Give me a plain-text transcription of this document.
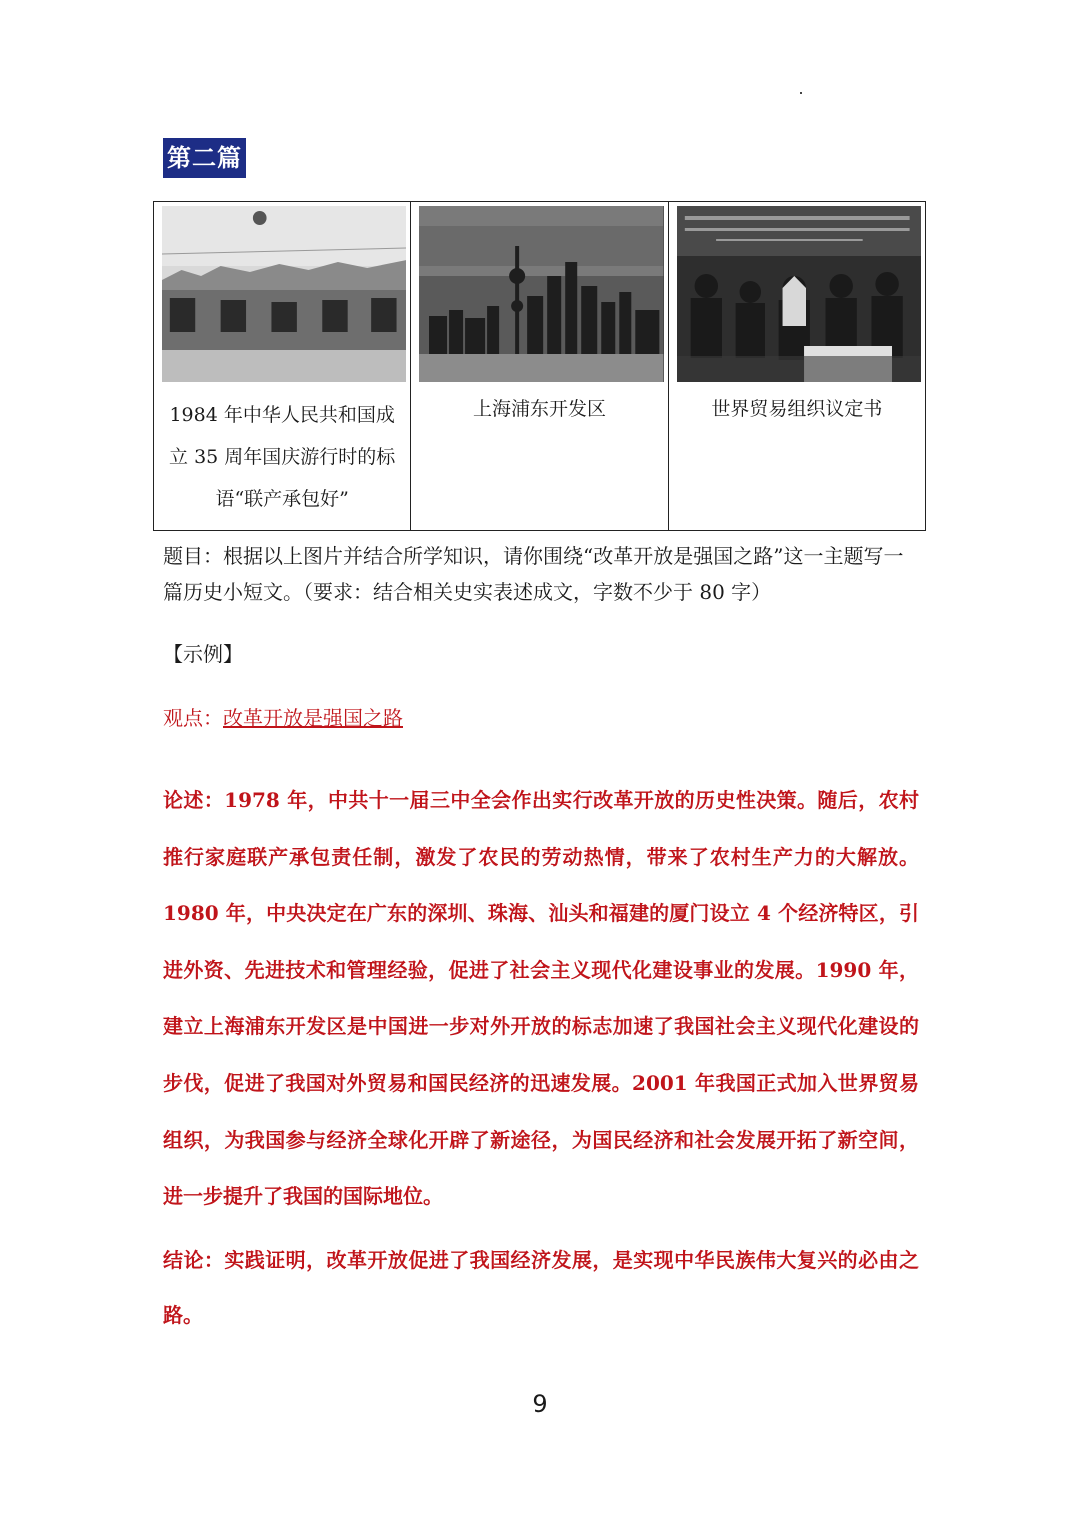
第二篇
1984 年中华人民共和国成立 35 周年国庆游行时的标语“联产承包好”
上海浦东开发区	世界贸易组织议定书
题目：根据以上图片并结合所学知识，请你围绕“改革开放是强国之路”这一主题写一篇历史小短文。（要求：结合相关史实表述成文，字数不少于 80 字）
【示例】
观点：改革开放是强国之路
论述：1978 年，中共十一届三中全会作出实行改革开放的历史性决策。随后，农村推行家庭联产承包责任制，激发了农民的劳动热情，带来了农村生产力的大解放。1980 年，中央决定在广东的深圳、珠海、汕头和福建的厦门设立 4 个经济特区，引进外资、先进技术和管理经验，促进了社会主义现代化建设事业的发展。1990 年，建立上海浦东开发区是中国进一步对外开放的标志加速了我国社会主义现代化建设的步伐，促进了我国对外贸易和国民经济的迅速发展。2001 年我国正式加入世界贸易组织，为我国参与经济全球化开辟了新途径，为国民经济和社会发展开拓了新空间，进一步提升了我国的国际地位。
结论：实践证明，改革开放促进了我国经济发展，是实现中华民族伟大复兴的必由之路。
9
